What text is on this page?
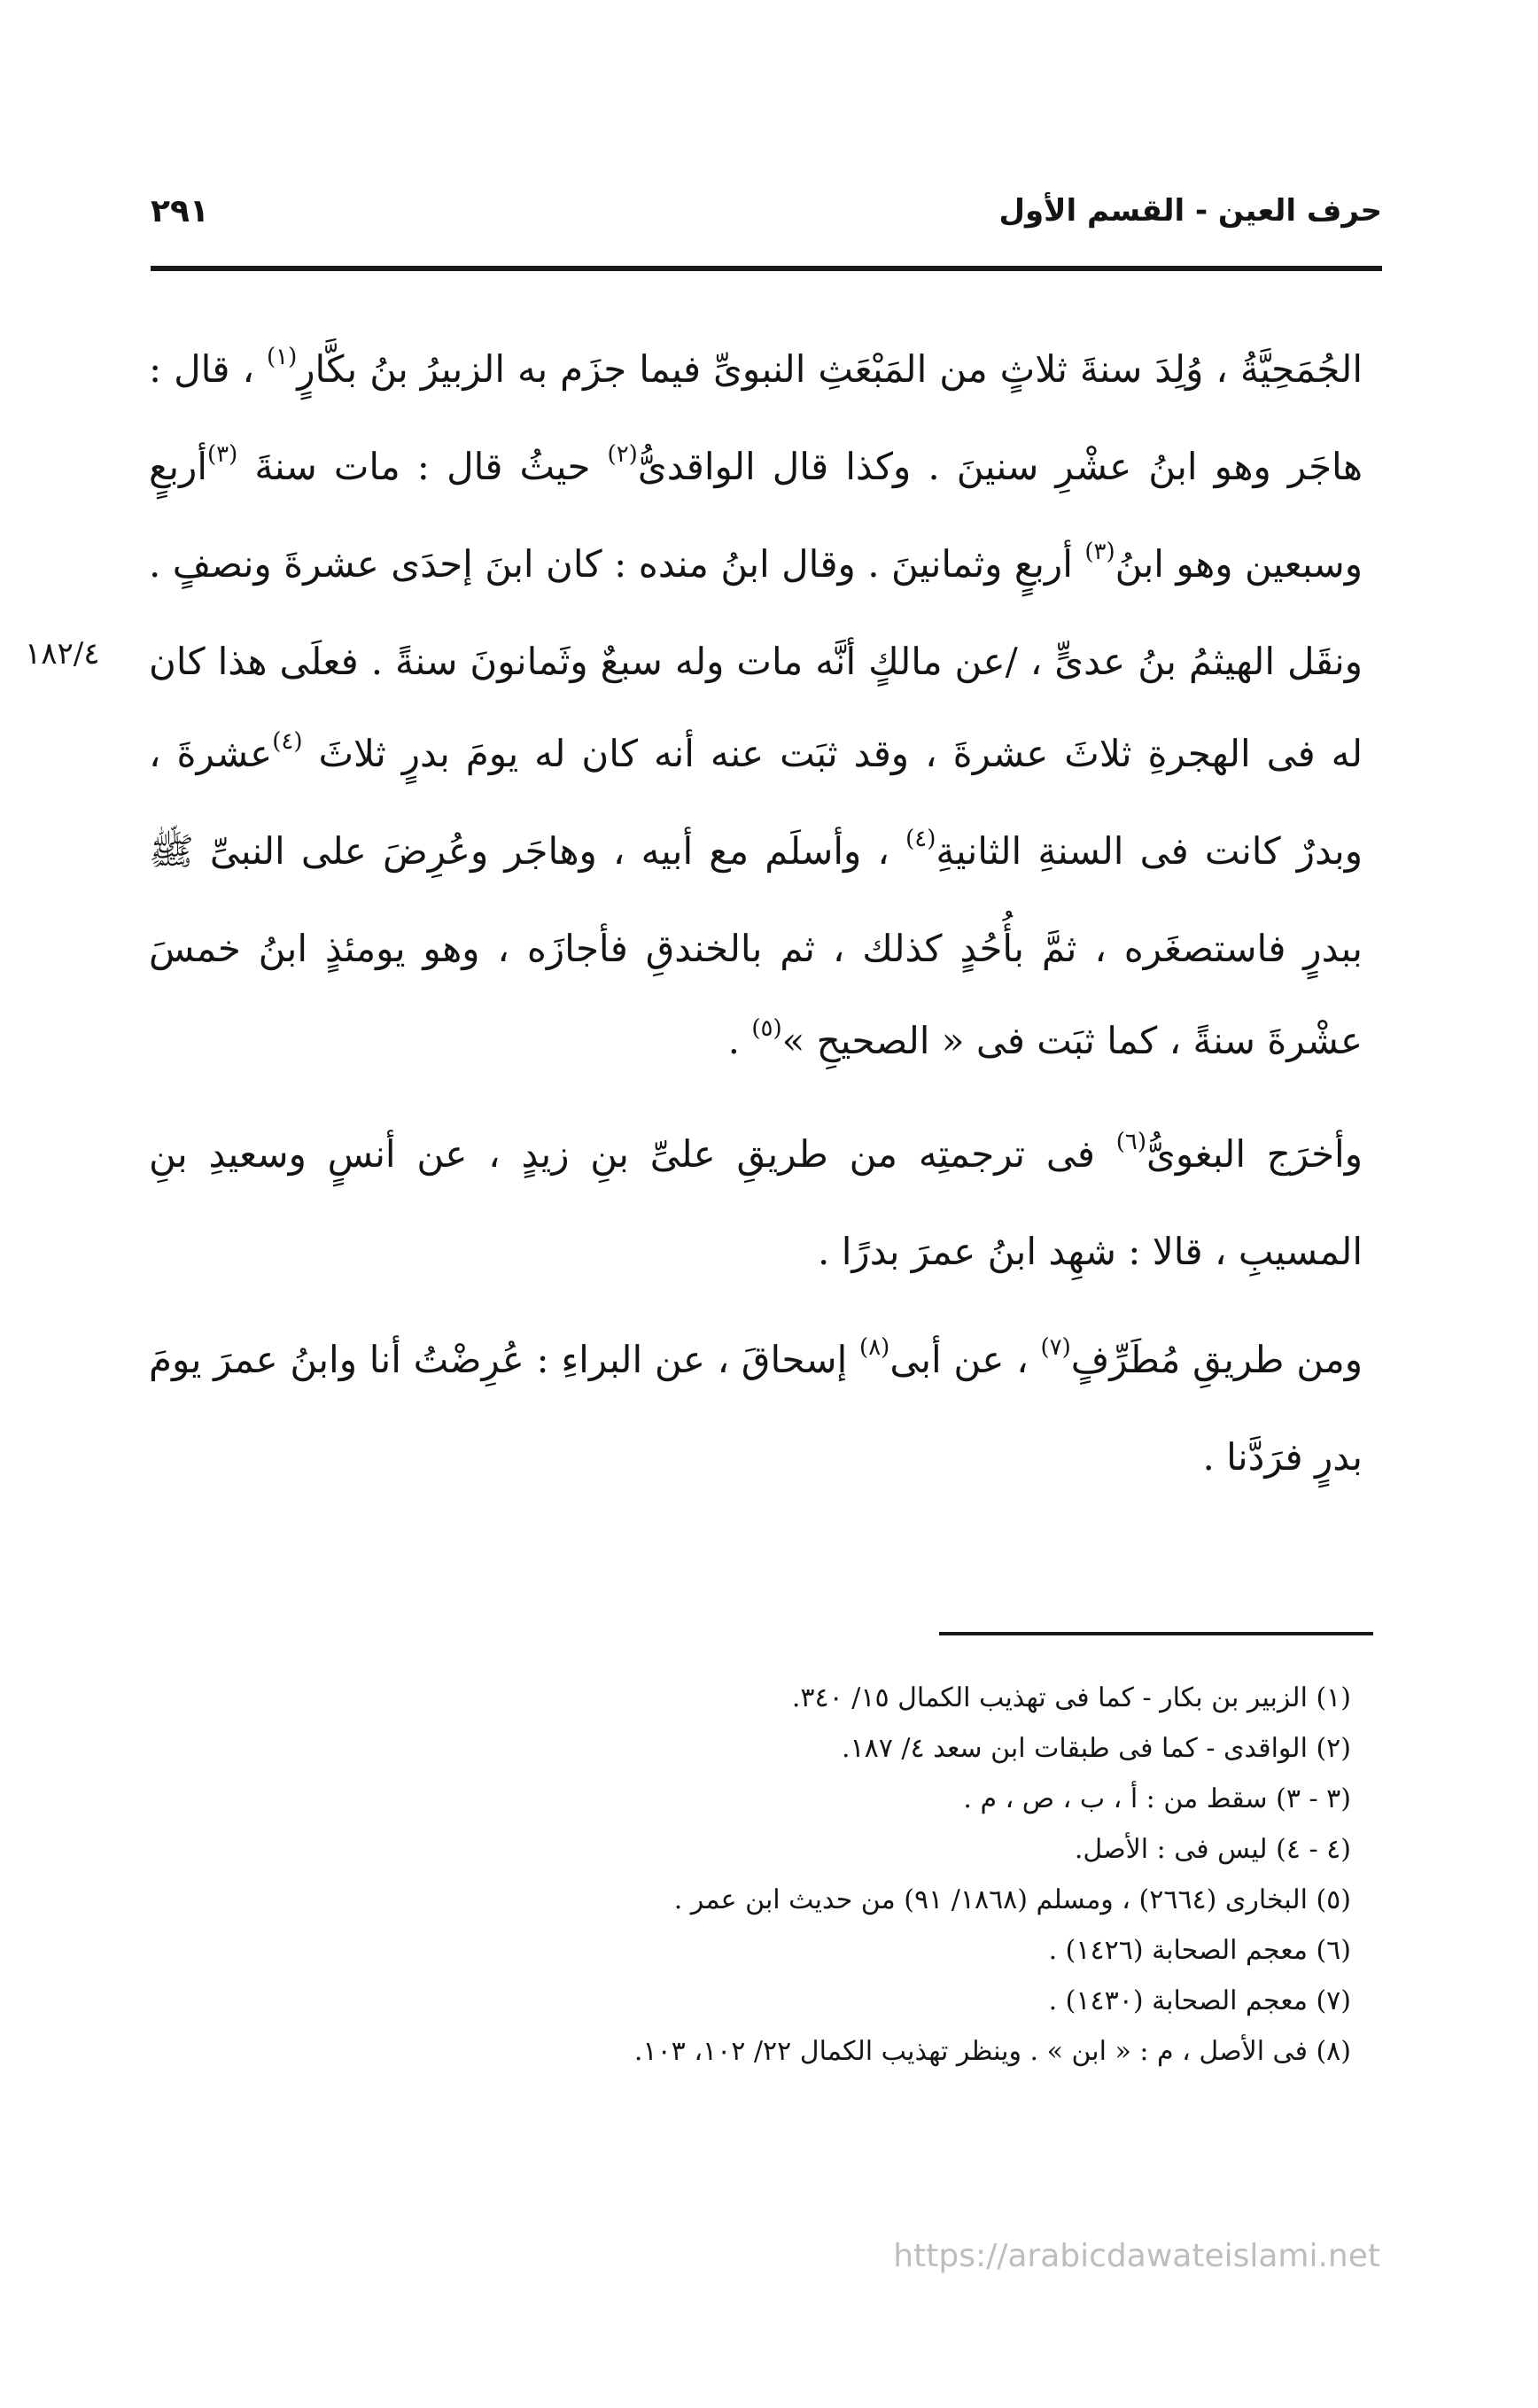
حرف العين - القسم الأول
٢٩١
١٨٢/٤

الجُمَحِيَّةُ ، وُلِدَ سنةَ ثلاثٍ من المَبْعَثِ النبوىِّ فيما جزَم به الزبيرُ بنُ بكَّارٍ$^{(١)}$ ، قال : هاجَر وهو ابنُ عشْرِ سنينَ . وكذا قال الواقدىُّ$^{(٢)}$ حيثُ قال : مات سنةَ $^{(٣)}$أربعٍ وسبعين وهو ابنُ$^{(٣)}$ أربعٍ وثمانينَ . وقال ابنُ منده : كان ابنَ إحدَى عشرةَ ونصفٍ . ونقَل الهيثمُ بنُ عدىٍّ ، /عن مالكٍ أنَّه مات وله سبعٌ وثَمانونَ سنةً . فعلَى هذا كان له فى الهجرةِ ثلاثَ عشرةَ ، وقد ثبَت عنه أنه كان له يومَ بدرٍ ثلاثَ $^{(٤)}$عشرةَ ، وبدرٌ كانت فى السنةِ الثانيةِ$^{(٤)}$ ، وأسلَم مع أبيه ، وهاجَر وعُرِضَ على النبىِّ ﷺ ببدرٍ فاستصغَره ، ثمَّ بأُحُدٍ كذلك ، ثم بالخندقِ فأجازَه ، وهو يومئذٍ ابنُ خمسَ عشْرةَ سنةً ، كما ثبَت فى « الصحيحِ »$^{(٥)}$ .

وأخرَج البغوىُّ$^{(٦)}$ فى ترجمتِه من طريقِ علىِّ بنِ زيدٍ ، عن أنسٍ وسعيدِ بنِ المسيبِ ، قالا : شهِد ابنُ عمرَ بدرًا .

ومن طريقِ مُطَرِّفٍ$^{(٧)}$ ، عن أبى$^{(٨)}$ إسحاقَ ، عن البراءِ : عُرِضْتُ أنا وابنُ عمرَ يومَ بدرٍ فرَدَّنا .

(١) الزبير بن بكار - كما فى تهذيب الكمال ١٥/ ٣٤٠.
(٢) الواقدى - كما فى طبقات ابن سعد ٤/ ١٨٧.
(٣ - ٣) سقط من : أ ، ب ، ص ، م .
(٤ - ٤) ليس فى : الأصل.
(٥) البخارى (٢٦٦٤) ، ومسلم (١٨٦٨/ ٩١) من حديث ابن عمر .
(٦) معجم الصحابة (١٤٢٦) .
(٧) معجم الصحابة (١٤٣٠) .
(٨) فى الأصل ، م : « ابن » . وينظر تهذيب الكمال ٢٢/ ١٠٢، ١٠٣.
https://arabicdawateislami.net
